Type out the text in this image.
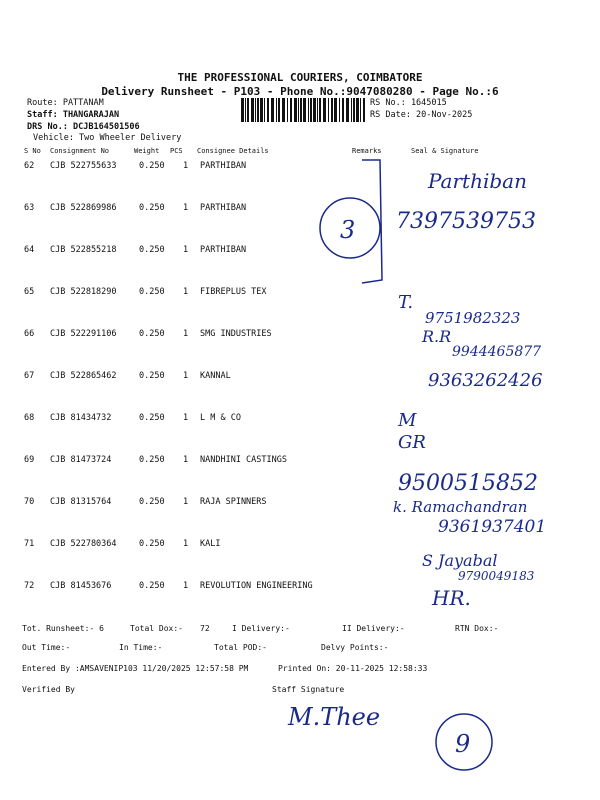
THE PROFESSIONAL COURIERS, COIMBATORE
Delivery Runsheet - P103 - Phone No.:9047080280 - Page No.:6
Route: PATTANAM
Staff: THANGARAJAN
DRS No.: DCJB164501506
Vehicle: Two Wheeler Delivery
RS No.: 1645015
RS Date: 20-Nov-2025
S No Consignment No	Weight PCS Consignee Details	Remarks	Seal & Signature
62 CJB 522755633	0.250 1 PARTHIBAN
63 CJB 522869986	0.250 1 PARTHIBAN
64 CJB 522855218	0.250 1 PARTHIBAN
65 CJB 522818290	0.250 1 FIBREPLUS TEX
66 CJB 522291106	0.250 1 SMG INDUSTRIES
67 CJB 522865462	0.250 1 KANNAL
68 CJB 81434732	0.250 1 L M & CO
69 CJB 81473724	0.250 1 NANDHINI CASTINGS
70 CJB 81315764	0.250 1 RAJA SPINNERS
71 CJB 522780364	0.250 1 KALI
72 CJB 81453676	0.250 1 REVOLUTION ENGINEERING
Tot. Runsheet:- 6	Total Dox:- 72	I Delivery:-	II Delivery:-	RTN Dox:-
Out Time:-	In Time:-	Total POD:-	Delvy Points:-
Entered By :AMSAVENIP103 11/20/2025 12:57:58 PM	Printed On: 20-11-2025 12:58:33
Verified By	Staff Signature
3
Parthiban
7397539753
T.
9751982323
R.R
9944465877
9363262426
M
GR
9500515852
k. Ramachandran
9361937401
S Jayabal
9790049183
HR.
M.Thee
9
